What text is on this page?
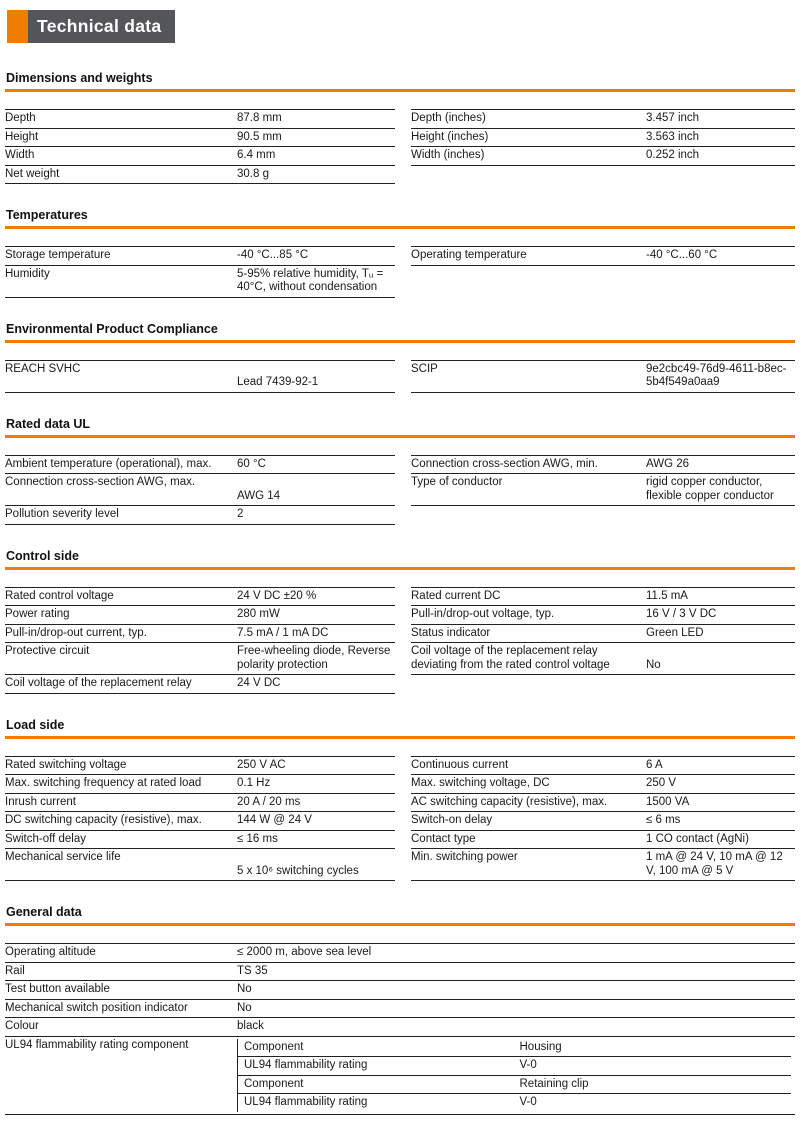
Technical data
Dimensions and weights
Depth	87.8 mm		Depth (inches)	3.457 inch
Height	90.5 mm		Height (inches)	3.563 inch
Width	6.4 mm		Width (inches)	0.252 inch
Net weight	30.8 g			
Temperatures
Storage temperature	-40 °C...85 °C		Operating temperature	-40 °C...60 °C
Humidity	5-95% relative humidity, Tᵤ = 40°C, without condensation			
Environmental Product Compliance
REACH SVHC	Lead 7439-92-1		SCIP	9e2cbc49-76d9-4611-b8ec-5b4f549a0aa9
Rated data UL
Ambient temperature (operational), max.	60 °C		Connection cross-section AWG, min.	AWG 26
Connection cross-section AWG, max.	AWG 14		Type of conductor	rigid copper conductor, flexible copper conductor
Pollution severity level	2			
Control side
Rated control voltage	24 V DC ±20 %		Rated current DC	11.5 mA
Power rating	280 mW		Pull-in/drop-out voltage, typ.	16 V / 3 V DC
Pull-in/drop-out current, typ.	7.5 mA / 1 mA DC		Status indicator	Green LED
Protective circuit	Free-wheeling diode, Reverse polarity protection		Coil voltage of the replacement relay deviating from the rated control voltage	No
Coil voltage of the replacement relay	24 V DC			
Load side
Rated switching voltage	250 V AC		Continuous current	6 A
Max. switching frequency at rated load	0.1 Hz		Max. switching voltage, DC	250 V
Inrush current	20 A / 20 ms		AC switching capacity (resistive), max.	1500 VA
DC switching capacity (resistive), max.	144 W @ 24 V		Switch-on delay	≤ 6 ms
Switch-off delay	≤ 16 ms		Contact type	1 CO contact (AgNi)
Mechanical service life	5 x 10⁶ switching cycles		Min. switching power	1 mA @ 24 V, 10 mA @ 12 V, 100 mA @ 5 V
General data
Operating altitude	≤ 2000 m, above sea level
Rail	TS 35
Test button available	No
Mechanical switch position indicator	No
Colour	black
UL94 flammability rating component		Component	Housing
UL94 flammability rating	V-0
Component	Retaining clip
UL94 flammability rating	V-0
